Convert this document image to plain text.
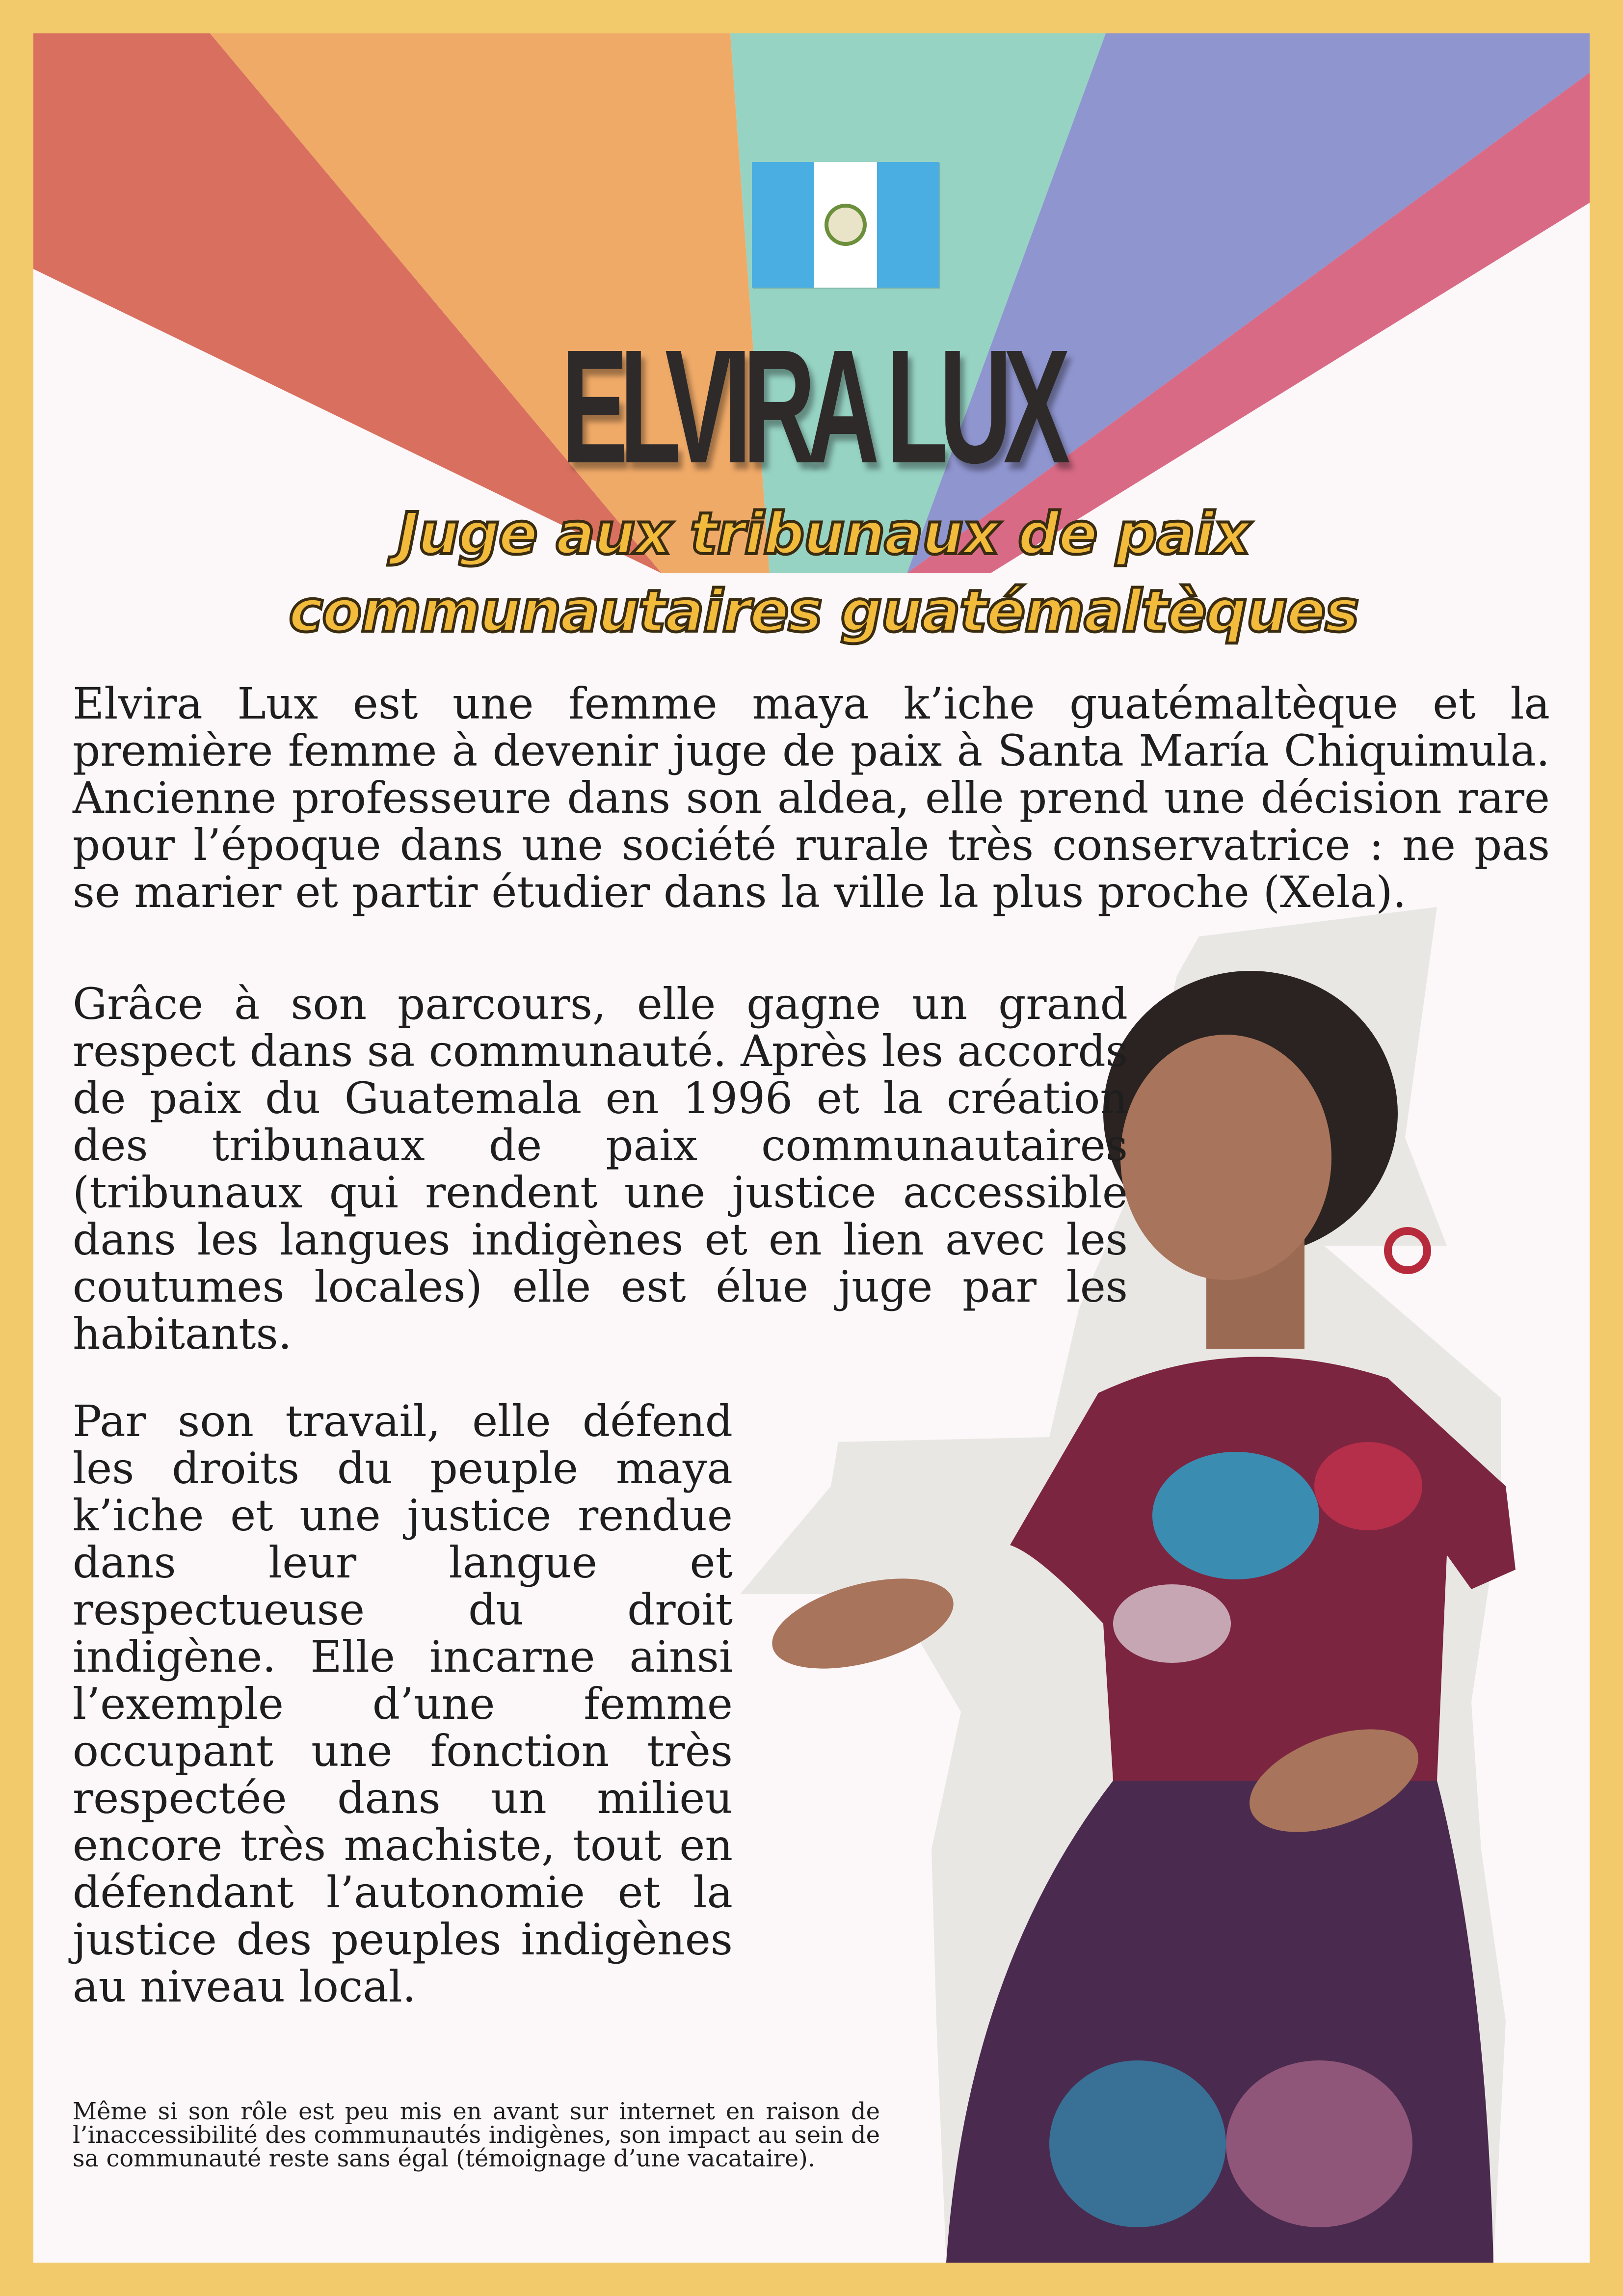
ELVIRA LUX
Juge aux tribunaux de paix communautaires guatémaltèques

Elvira Lux est une femme maya k’iche guatémaltèque et la première femme à devenir juge de paix à Santa María Chiquimula. Ancienne professeure dans son aldea, elle prend une décision rare pour l’époque dans une société rurale très conservatrice : ne pas se marier et partir étudier dans la ville la plus proche (Xela).

Grâce à son parcours, elle gagne un grand respect dans sa communauté. Après les accords de paix du Guatemala en 1996 et la création des tribunaux de paix communautaires (tribunaux qui rendent une justice accessible dans les langues indigènes et en lien avec les coutumes locales) elle est élue juge par les habitants.

Par son travail, elle défend les droits du peuple maya k’iche et une justice rendue dans leur langue et respectueuse du droit indigène. Elle incarne ainsi l’exemple d’une femme occupant une fonction très respectée dans un milieu encore très machiste, tout en défendant l’autonomie et la justice des peuples indigènes au niveau local.

Même si son rôle est peu mis en avant sur internet en raison de l’inaccessibilité des communautés indigènes, son impact au sein de sa communauté reste sans égal (témoignage d’une vacataire).
